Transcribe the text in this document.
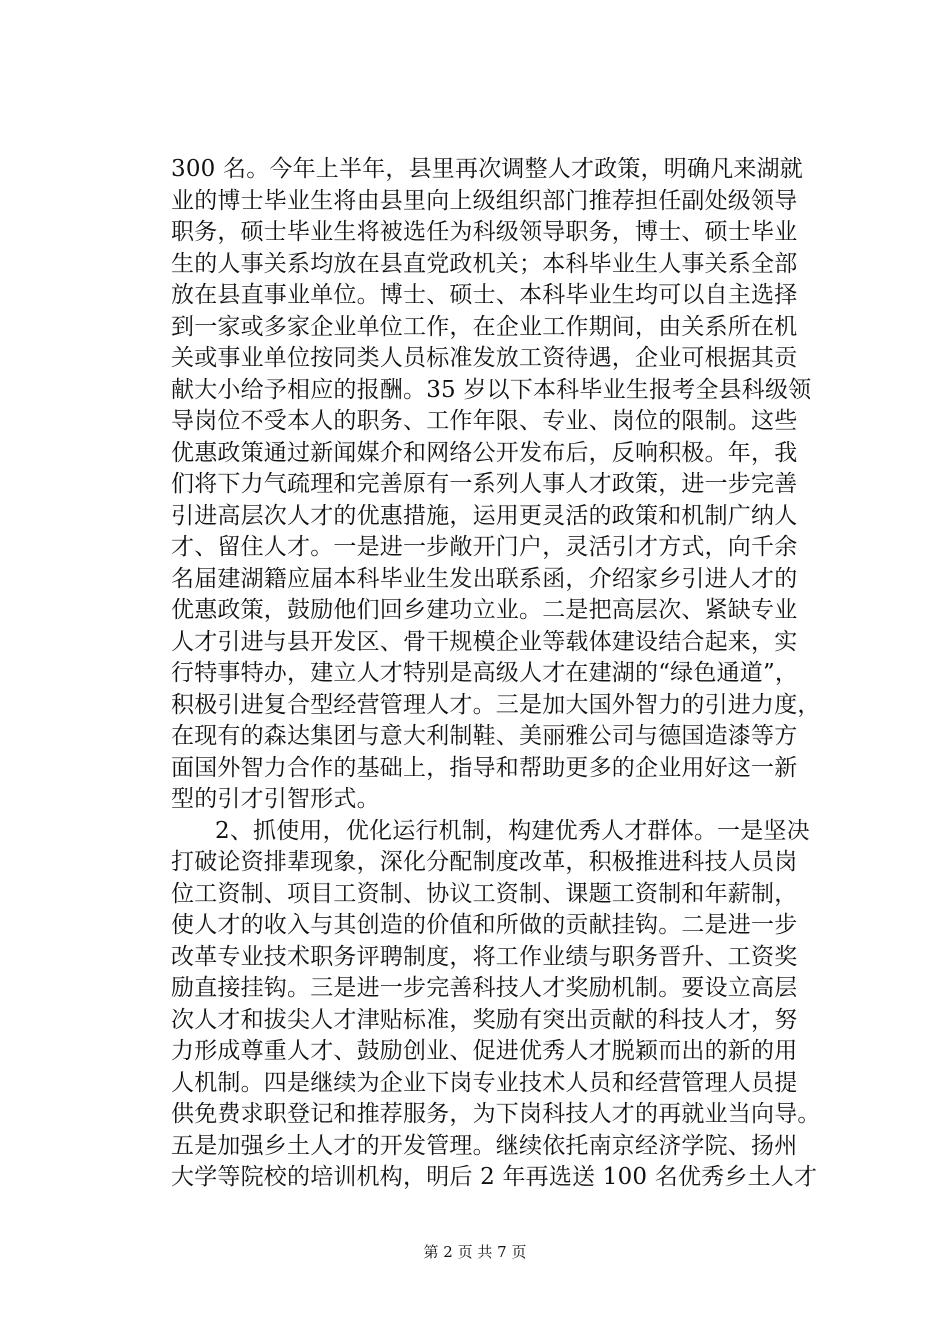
300 名。今年上半年，县里再次调整人才政策，明确凡来湖就
业的博士毕业生将由县里向上级组织部门推荐担任副处级领导
职务，硕士毕业生将被选任为科级领导职务，博士、硕士毕业
生的人事关系均放在县直党政机关；本科毕业生人事关系全部
放在县直事业单位。博士、硕士、本科毕业生均可以自主选择
到一家或多家企业单位工作，在企业工作期间，由关系所在机
关或事业单位按同类人员标准发放工资待遇，企业可根据其贡
献大小给予相应的报酬。35 岁以下本科毕业生报考全县科级领
导岗位不受本人的职务、工作年限、专业、岗位的限制。这些
优惠政策通过新闻媒介和网络公开发布后，反响积极。年，我
们将下力气疏理和完善原有一系列人事人才政策，进一步完善
引进高层次人才的优惠措施，运用更灵活的政策和机制广纳人
才、留住人才。一是进一步敞开门户，灵活引才方式，向千余
名届建湖籍应届本科毕业生发出联系函，介绍家乡引进人才的
优惠政策，鼓励他们回乡建功立业。二是把高层次、紧缺专业
人才引进与县开发区、骨干规模企业等载体建设结合起来，实
行特事特办，建立人才特别是高级人才在建湖的“绿色通道”，
积极引进复合型经营管理人才。三是加大国外智力的引进力度，
在现有的森达集团与意大利制鞋、美丽雅公司与德国造漆等方
面国外智力合作的基础上，指导和帮助更多的企业用好这一新
型的引才引智形式。
2、抓使用，优化运行机制，构建优秀人才群体。一是坚决
打破论资排辈现象，深化分配制度改革，积极推进科技人员岗
位工资制、项目工资制、协议工资制、课题工资制和年薪制，
使人才的收入与其创造的价值和所做的贡献挂钩。二是进一步
改革专业技术职务评聘制度，将工作业绩与职务晋升、工资奖
励直接挂钩。三是进一步完善科技人才奖励机制。要设立高层
次人才和拔尖人才津贴标准，奖励有突出贡献的科技人才，努
力形成尊重人才、鼓励创业、促进优秀人才脱颖而出的新的用
人机制。四是继续为企业下岗专业技术人员和经营管理人员提
供免费求职登记和推荐服务，为下岗科技人才的再就业当向导。
五是加强乡土人才的开发管理。继续依托南京经济学院、扬州
大学等院校的培训机构，明后 2 年再选送 100 名优秀乡土人才
第 2 页 共 7 页
